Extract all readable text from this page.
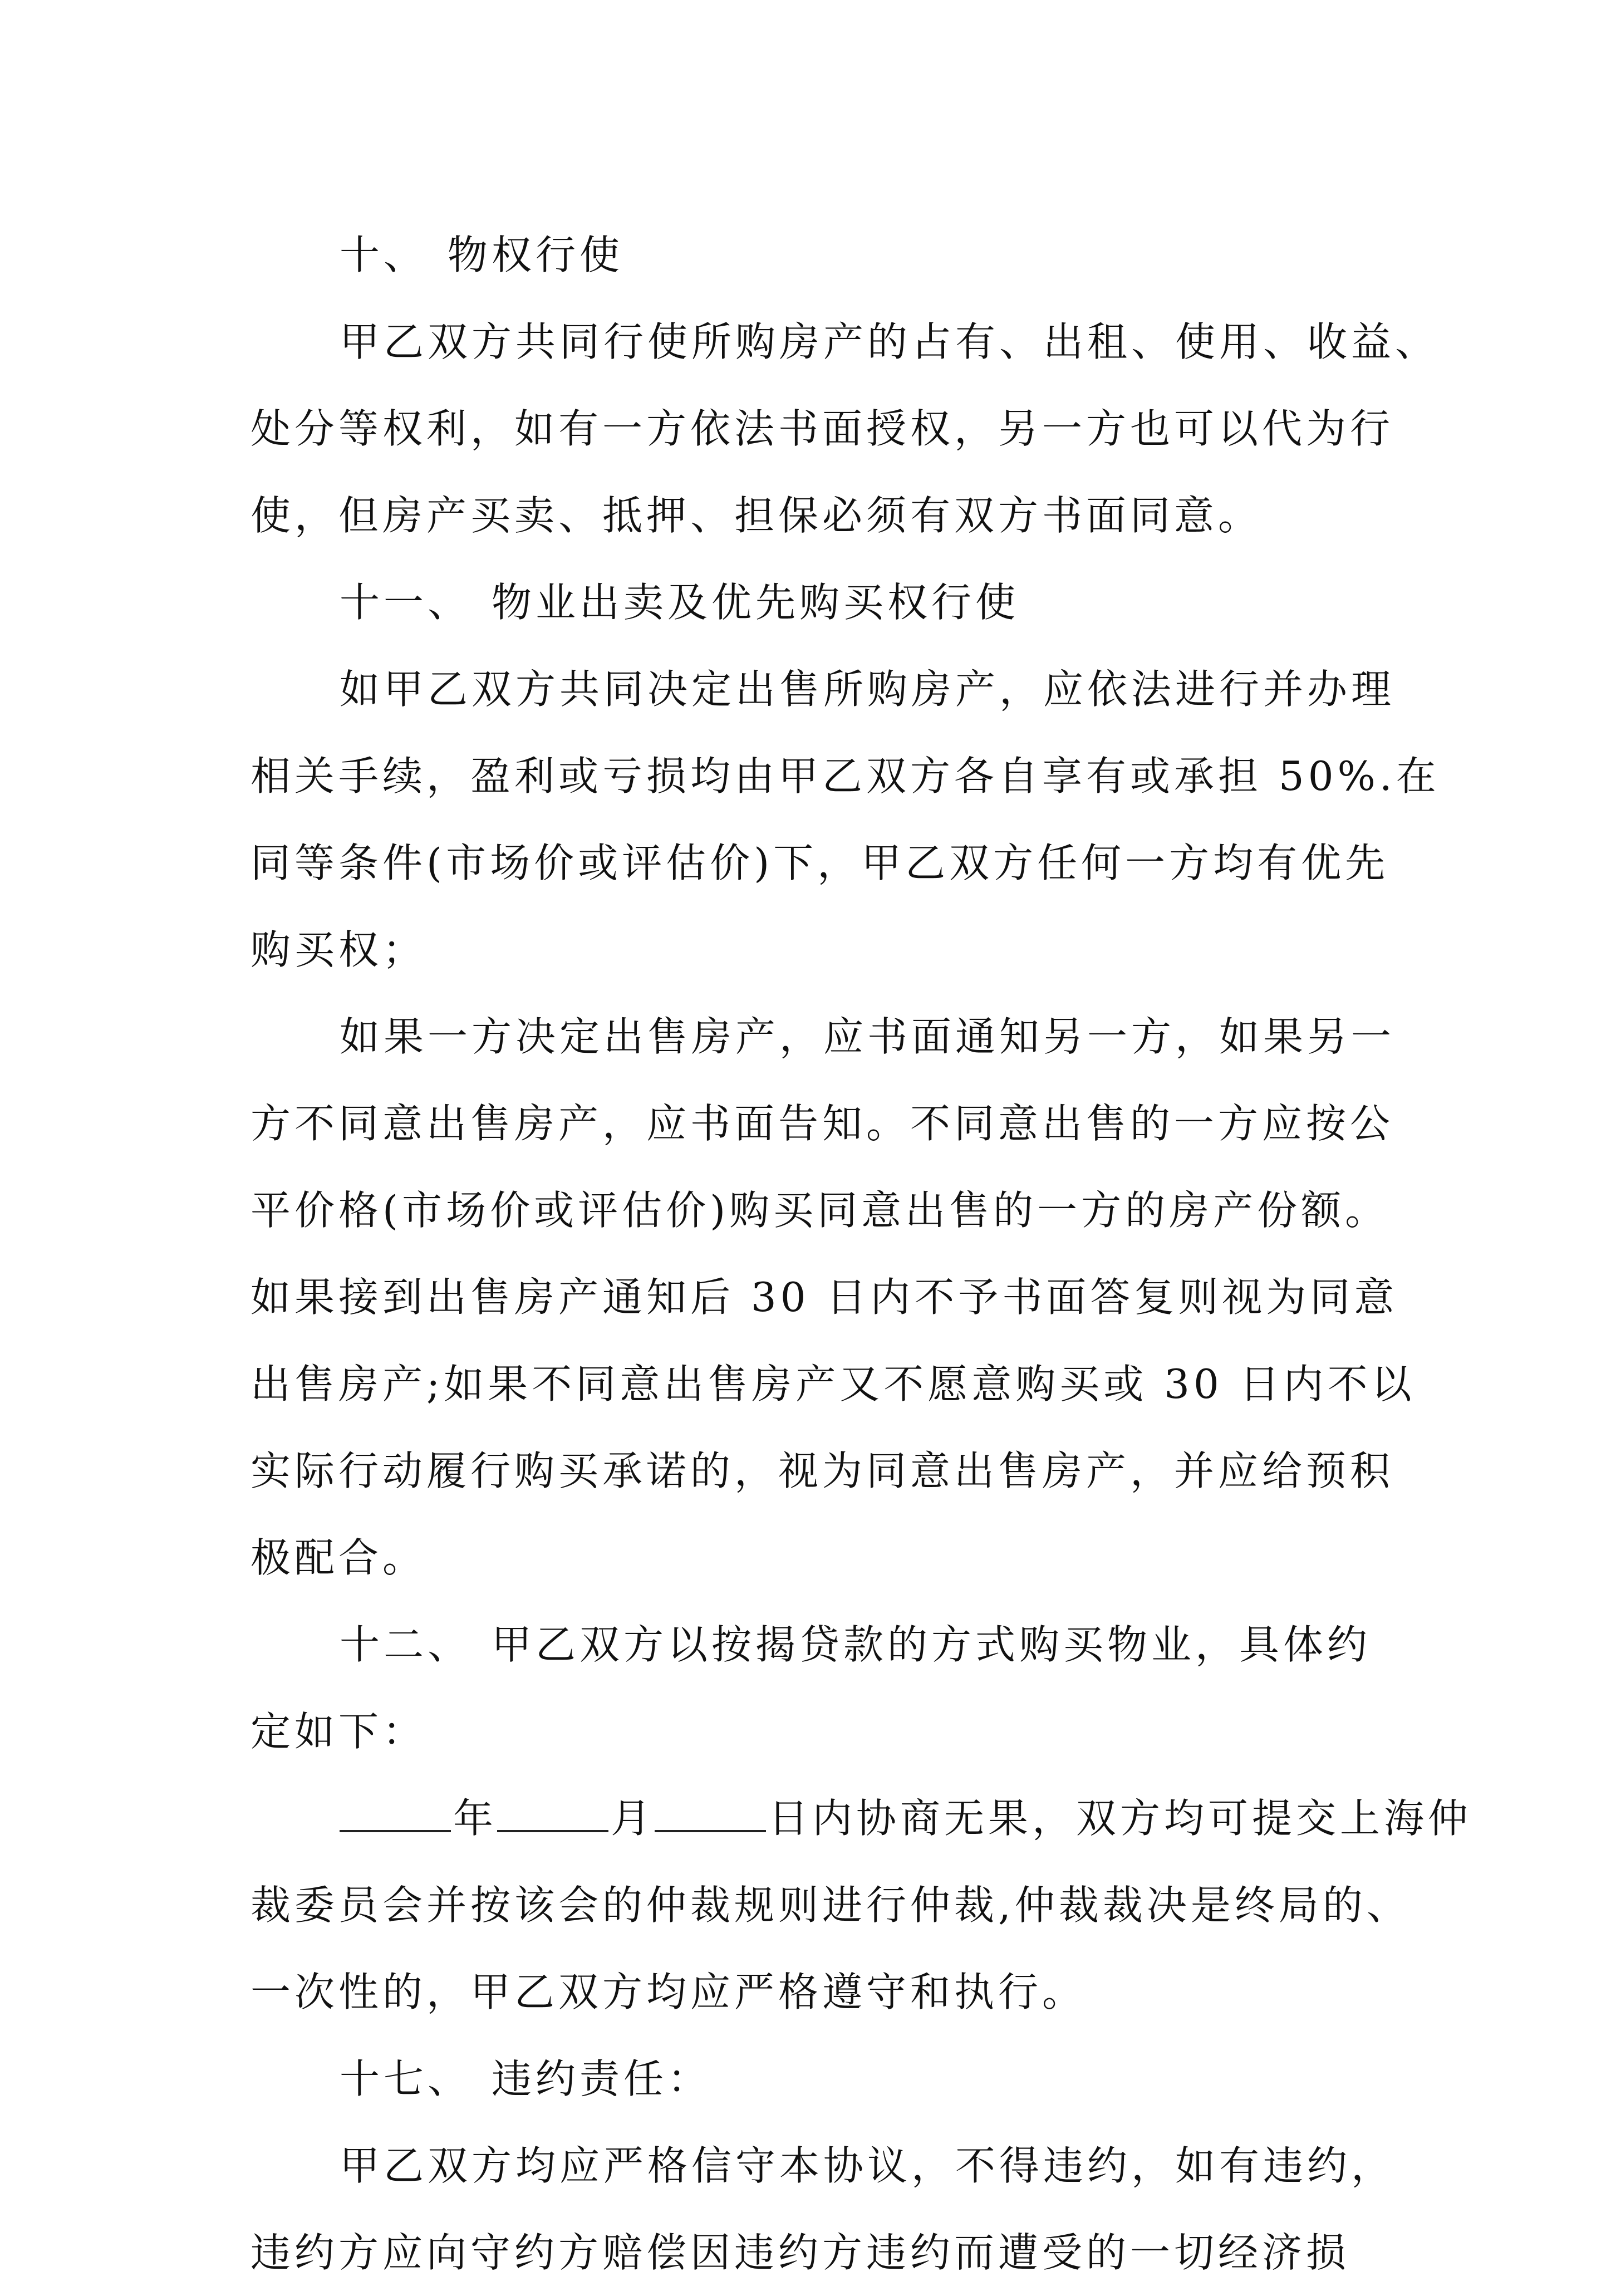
十、 物权行使
甲乙双方共同行使所购房产的占有、出租、使用、收益、
处分等权利，如有一方依法书面授权，另一方也可以代为行
使，但房产买卖、抵押、担保必须有双方书面同意。
十一、 物业出卖及优先购买权行使
如甲乙双方共同决定出售所购房产，应依法进行并办理
相关手续，盈利或亏损均由甲乙双方各自享有或承担 50%.在
同等条件(市场价或评估价)下，甲乙双方任何一方均有优先
购买权；
如果一方决定出售房产，应书面通知另一方，如果另一
方不同意出售房产，应书面告知。不同意出售的一方应按公
平价格(市场价或评估价)购买同意出售的一方的房产份额。
如果接到出售房产通知后 30 日内不予书面答复则视为同意
出售房产;如果不同意出售房产又不愿意购买或 30 日内不以
实际行动履行购买承诺的，视为同意出售房产，并应给预积
极配合。
十二、 甲乙双方以按揭贷款的方式购买物业，具体约
定如下：
年	月	日内协商无果，双方均可提交上海仲
裁委员会并按该会的仲裁规则进行仲裁,仲裁裁决是终局的、
一次性的，甲乙双方均应严格遵守和执行。
十七、 违约责任：
甲乙双方均应严格信守本协议，不得违约，如有违约，
违约方应向守约方赔偿因违约方违约而遭受的一切经济损
